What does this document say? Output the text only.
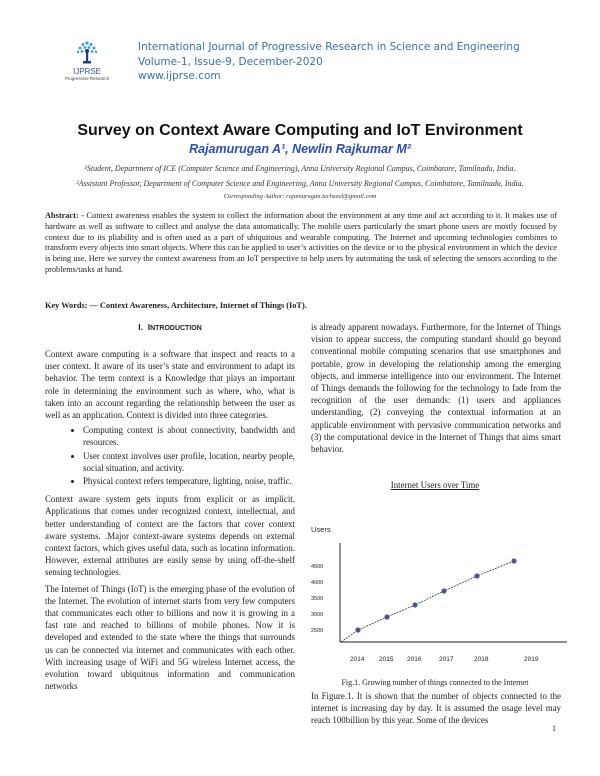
IJPRSE
Progressive Research
International Journal of Progressive Research in Science and Engineering
Volume-1, Issue-9, December-2020
www.ijprse.com
Survey on Context Aware Computing and IoT Environment
Rajamurugan A¹, Newlin Rajkumar M²
¹Student, Department of ICE (Computer Science and Engineering), Anna University Regional Campus, Coimbatore, Tamilnadu, India.
²Assistant Professor, Department of Computer Science and Engineering, Anna University Regional Campus, Coimbatore, Tamilnadu, India.
Corresponding Author: rajamurugan.techzeel@gmail.com
Abstract: - Context awareness enables the system to collect the information about the environment at any time and act according to it. It makes use of hardware as well as software to collect and analyse the data automatically. The mobile users particularly the smart phone users are mostly focused by context due to its pliability and is often used as a part of ubiquitous and wearable computing. The Internet and upcoming technologies combines to transform every objects into smart objects. Where this can be applied to user’s activities on the device or to the physical environment in which the device is being use. Here we survey the context awareness from an IoT perspective to help users by automating the task of selecting the sensors according to the problems/tasks at hand.
Key Words: — Context Awareness, Architecture, Internet of Things (IoT).
I. INTRODUCTION
Context aware computing is a software that inspect and reacts to a user context. It aware of its user’s state and environment to adapt its behavior. The term context is a Knowledge that plays an important role in determining the environment such as where, who, what is taken into an account regarding the relationship between the user as well as an application. Context is divided into three categories.
• Computing context is about connectivity, bandwidth and resources.
• User context involves user profile, location, nearby people, social situation, and activity.
• Physical context refers temperature, lighting, noise, traffic.
Context aware system gets inputs from explicit or as implicit. Applications that comes under recognized context, intellectual, and better understanding of context are the factors that cover context aware systems. .Major context-aware systems depends on external context factors, which gives useful data, such as location information. However, external attributes are easily sense by using off-the-shelf sensing technologies.
The Internet of Things (IoT) is the emerging phase of the evolution of the Internet. The evolution of internet starts from very few computers that communicates each other to billions and now it is growing in a fast rate and reached to billions of mobile phones. Now it is developed and extended to the state where the things that surrounds us can be connected via internet and communicates with each other. With increasing usage of WiFi and 5G wireless Internet access, the evolution toward ubiquitous information and communication networks
is already apparent nowadays. Furthermore, for the Internet of Things vision to appear success, the computing standard should go beyond conventional mobile computing scenarios that use smartphones and portable, grow in developing the relationship among the emerging objects, and immerse intelligence into our environment. The Internet of Things demands the following for the technology to fade from the recognition of the user demands: (1) users and appliances understanding, (2) conveying the contextual information at an applicable environment with pervasive communication networks and (3) the computational device in the Internet of Things that aims smart behavior.
Internet Users over Time
Users
4500
4000
3500
3000
2500
2014 2015 2016	2017	2018	2019
Fig.1. Growing number of things connected to the Internet
In Figure.1. It is shown that the number of objects connected to the internet is increasing day by day. It is assumed the usage level may reach 100billion by this year. Some of the devices
1
